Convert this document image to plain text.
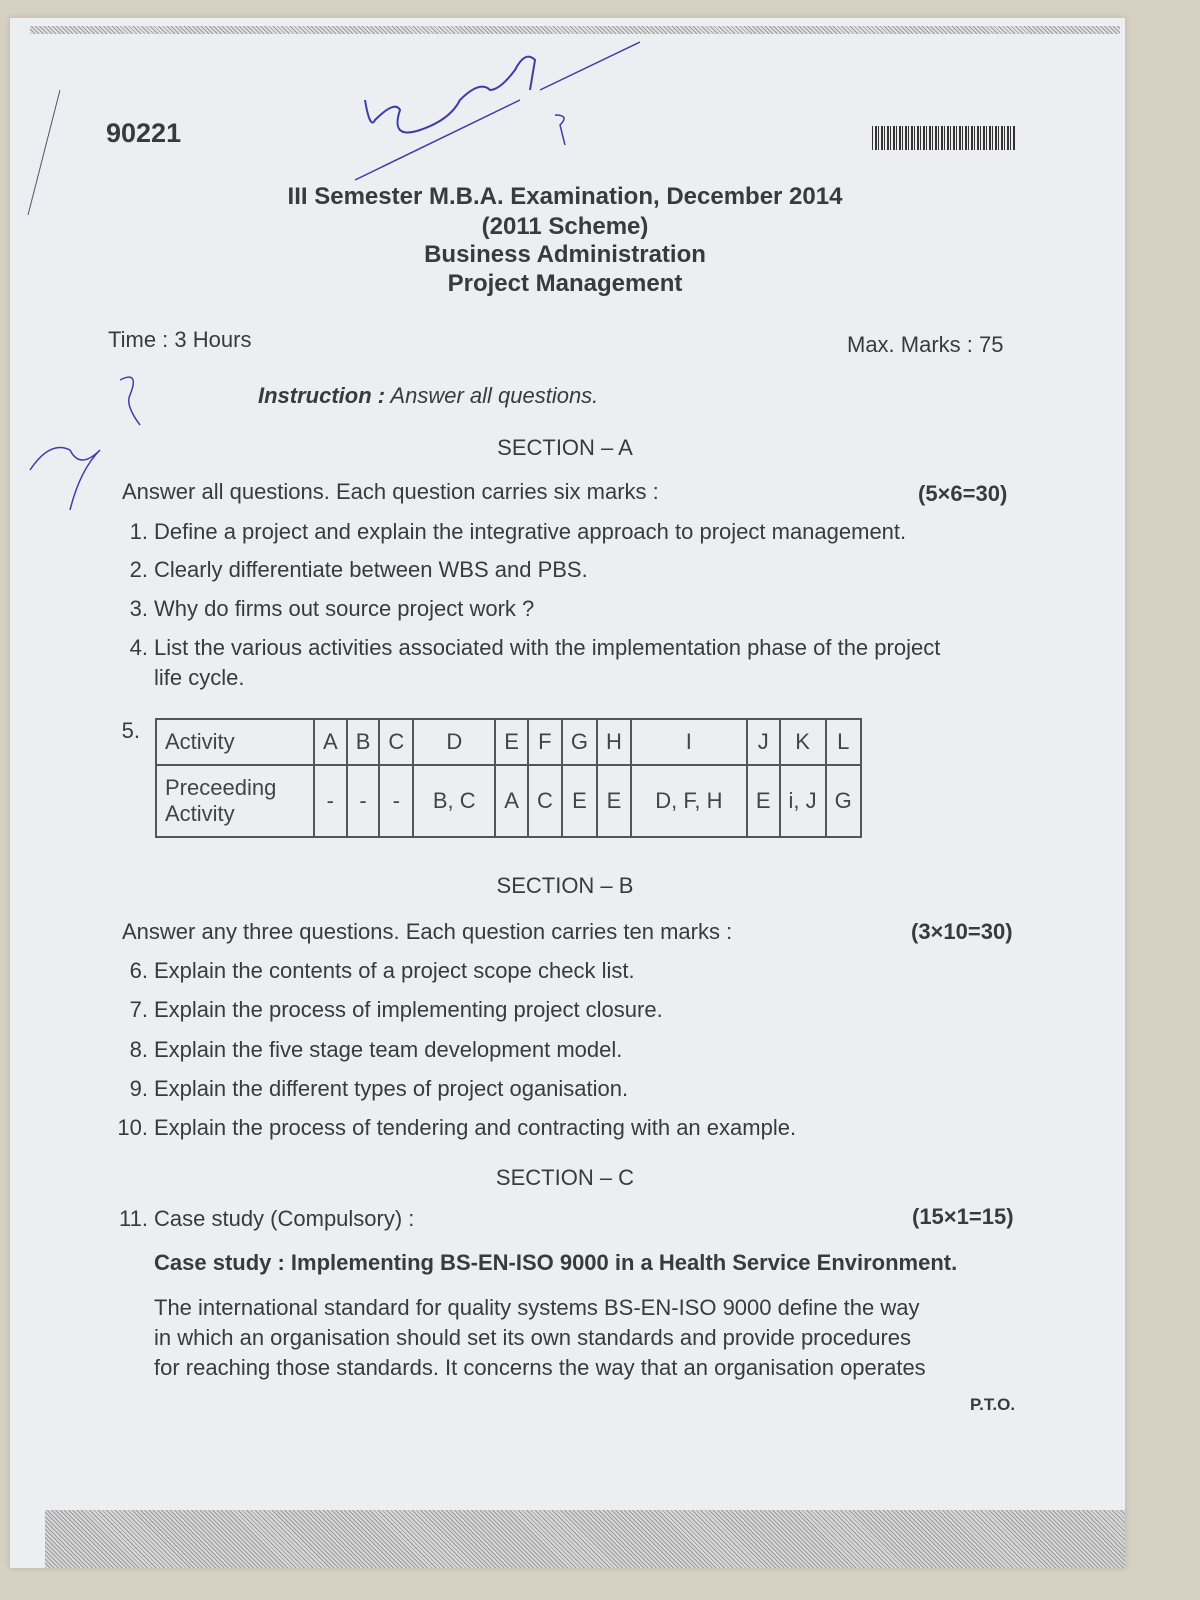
90221
III Semester M.B.A. Examination, December 2014
(2011 Scheme)
Business Administration
Project Management
Time : 3 Hours	Max. Marks : 75
Instruction : Answer all questions.
SECTION – A
Answer all questions. Each question carries six marks :	(5×6=30)
1. Define a project and explain the integrative approach to project management.
2. Clearly differentiate between WBS and PBS.
3. Why do firms out source project work ?
4. List the various activities associated with the implementation phase of the project
life cycle.
5. Activity	A	B	C	D	E	F	G	H	I	J	K	L
Preceeding
Activity	-	-	-	B, C	A	C	E	E	D, F, H	E	i, J	G
SECTION – B
Answer any three questions. Each question carries ten marks :	(3×10=30)
6. Explain the contents of a project scope check list.
7. Explain the process of implementing project closure.
8. Explain the five stage team development model.
9. Explain the different types of project oganisation.
10. Explain the process of tendering and contracting with an example.
SECTION – C
11. Case study (Compulsory) :	(15×1=15)
Case study : Implementing BS-EN-ISO 9000 in a Health Service Environment.
The international standard for quality systems BS-EN-ISO 9000 define the way
in which an organisation should set its own standards and provide procedures
for reaching those standards. It concerns the way that an organisation operates
P.T.O.
